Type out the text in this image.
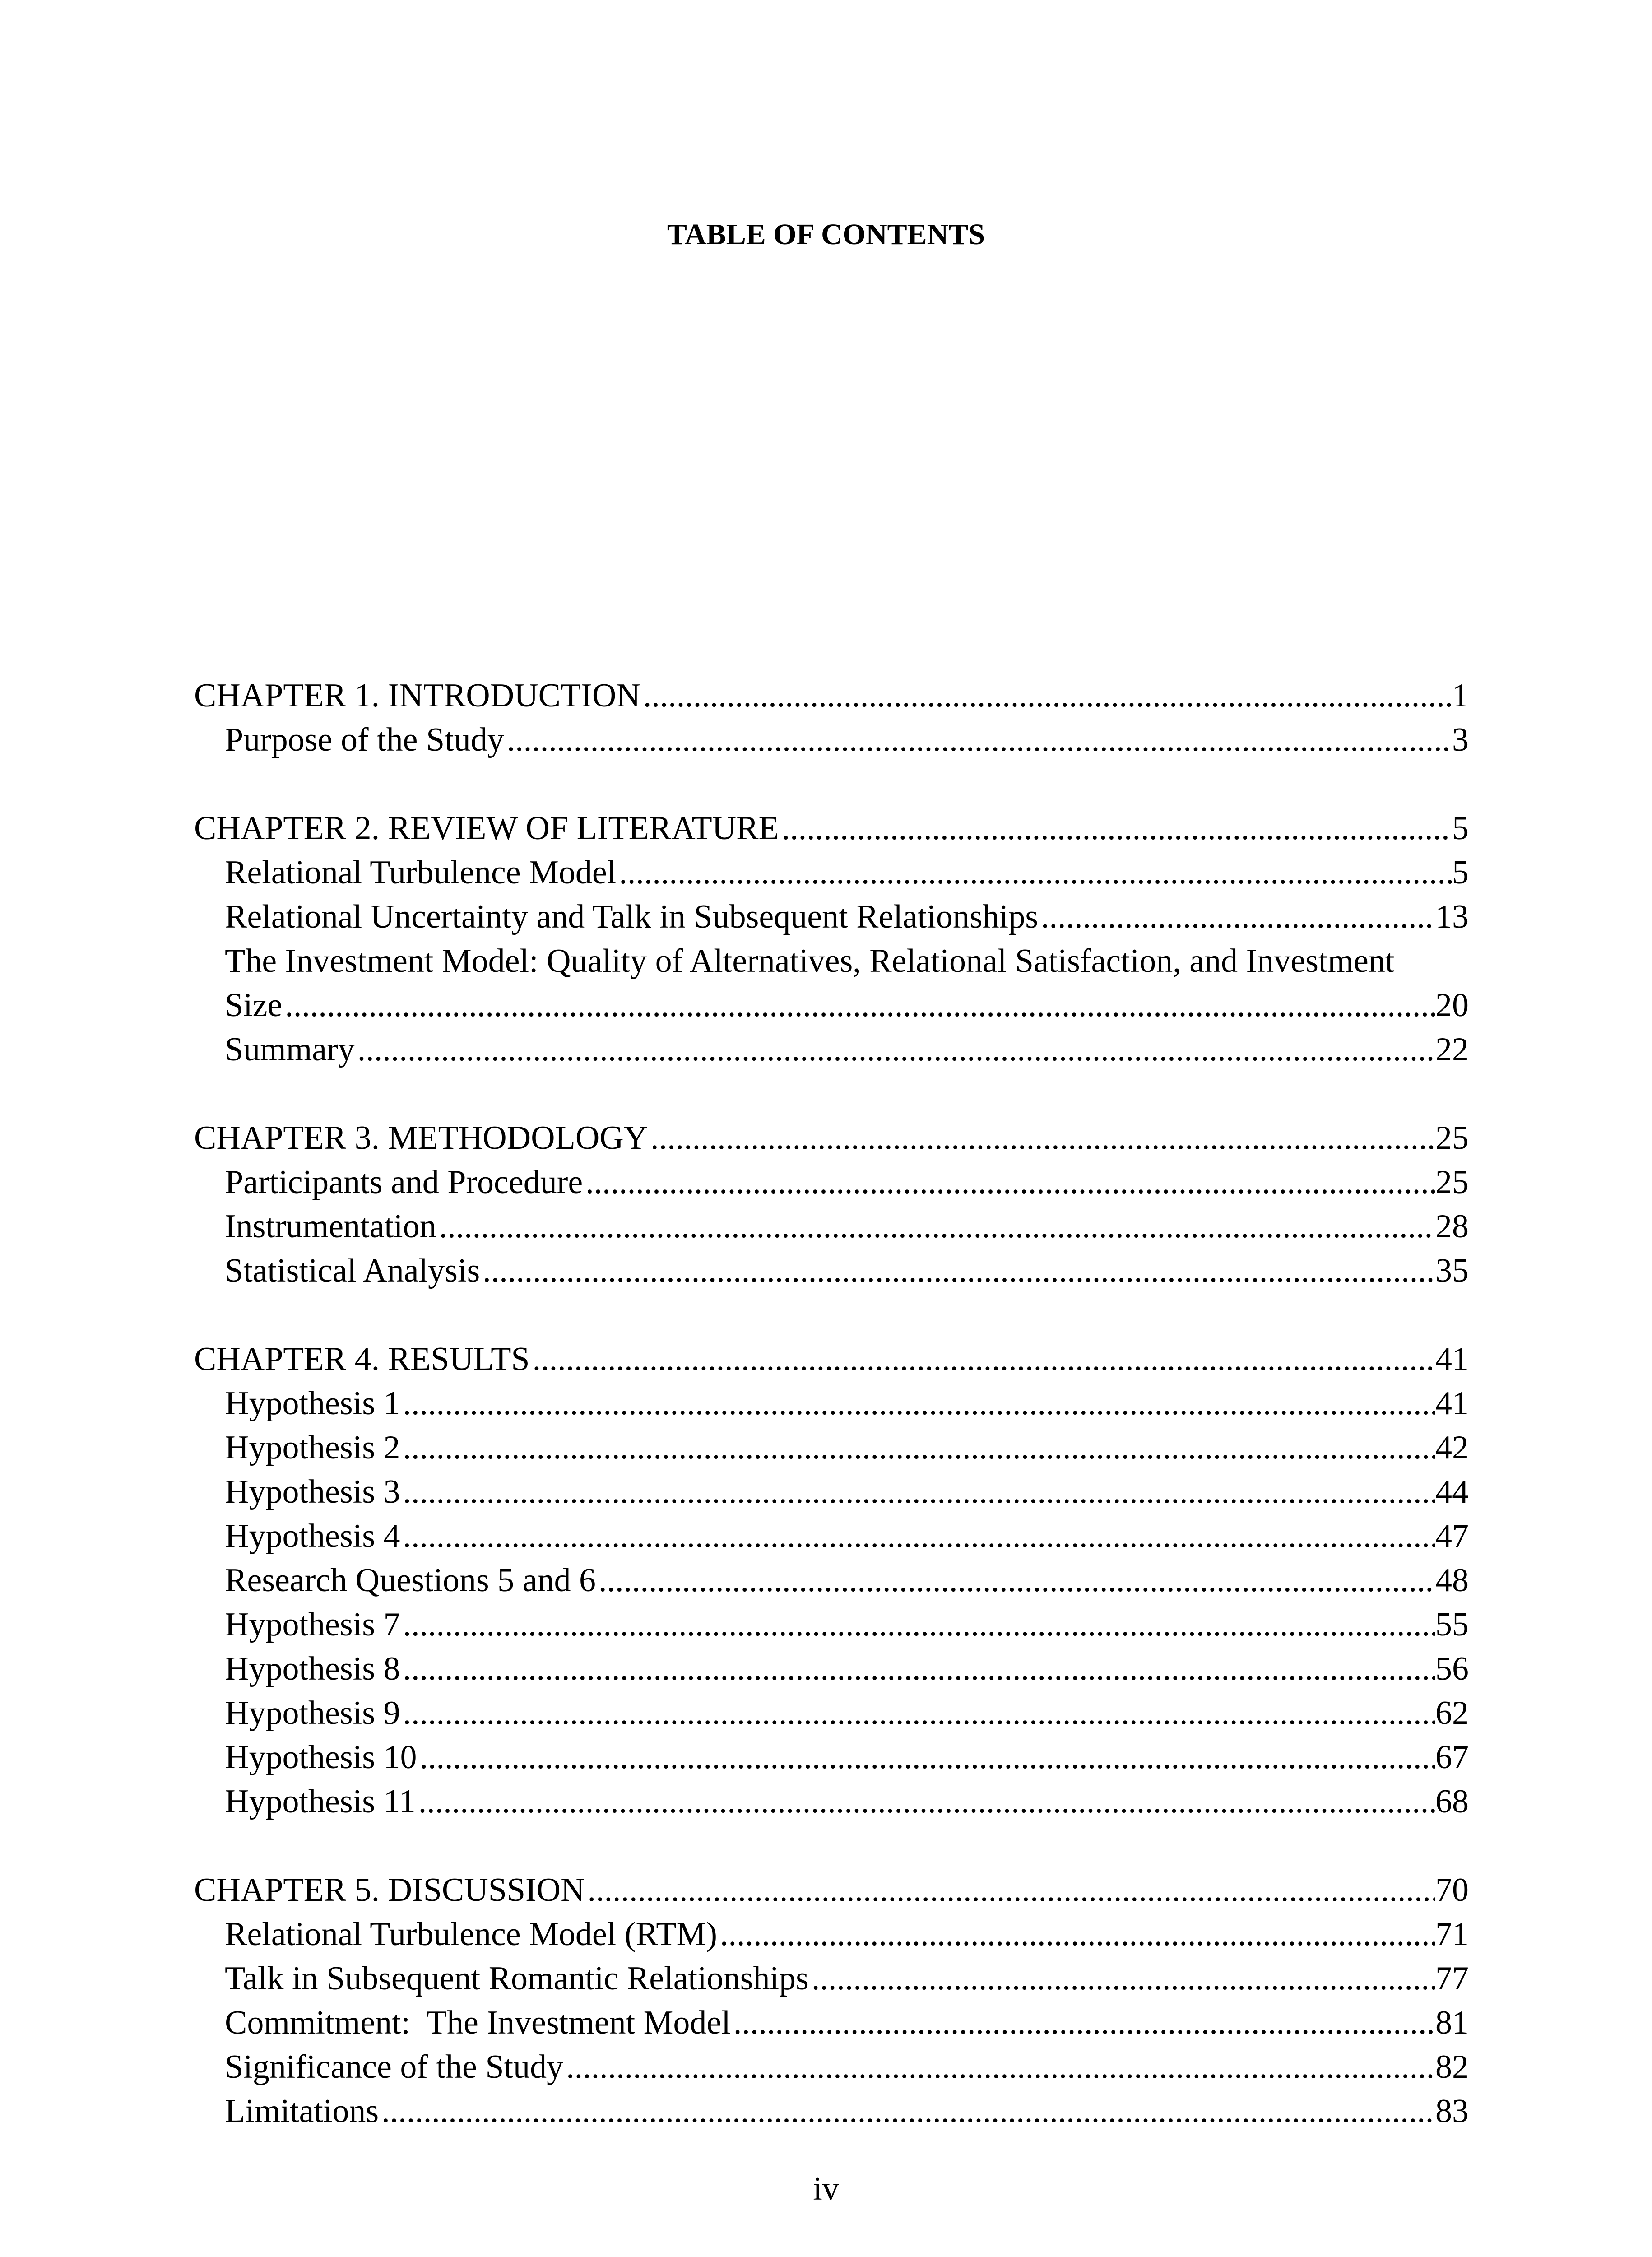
TABLE OF CONTENTS
CHAPTER 1. INTRODUCTION .....	1
Purpose of the Study .....	3
CHAPTER 2. REVIEW OF LITERATURE .....	5
Relational Turbulence Model .....	5
Relational Uncertainty and Talk in Subsequent Relationships .....	13
The Investment Model: Quality of Alternatives, Relational Satisfaction, and Investment
Size .....	20
Summary .....	22
CHAPTER 3. METHODOLOGY .....	25
Participants and Procedure .....	25
Instrumentation .....	28
Statistical Analysis .....	35
CHAPTER 4. RESULTS .....	41
Hypothesis 1 .....	41
Hypothesis 2 .....	42
Hypothesis 3 .....	44
Hypothesis 4 .....	47
Research Questions 5 and 6 .....	48
Hypothesis 7 .....	55
Hypothesis 8 .....	56
Hypothesis 9 .....	62
Hypothesis 10 .....	67
Hypothesis 11 .....	68
CHAPTER 5. DISCUSSION .....	70
Relational Turbulence Model (RTM) .....	71
Talk in Subsequent Romantic Relationships .....	77
Commitment:  The Investment Model .....	81
Significance of the Study .....	82
Limitations .....	83
iv
